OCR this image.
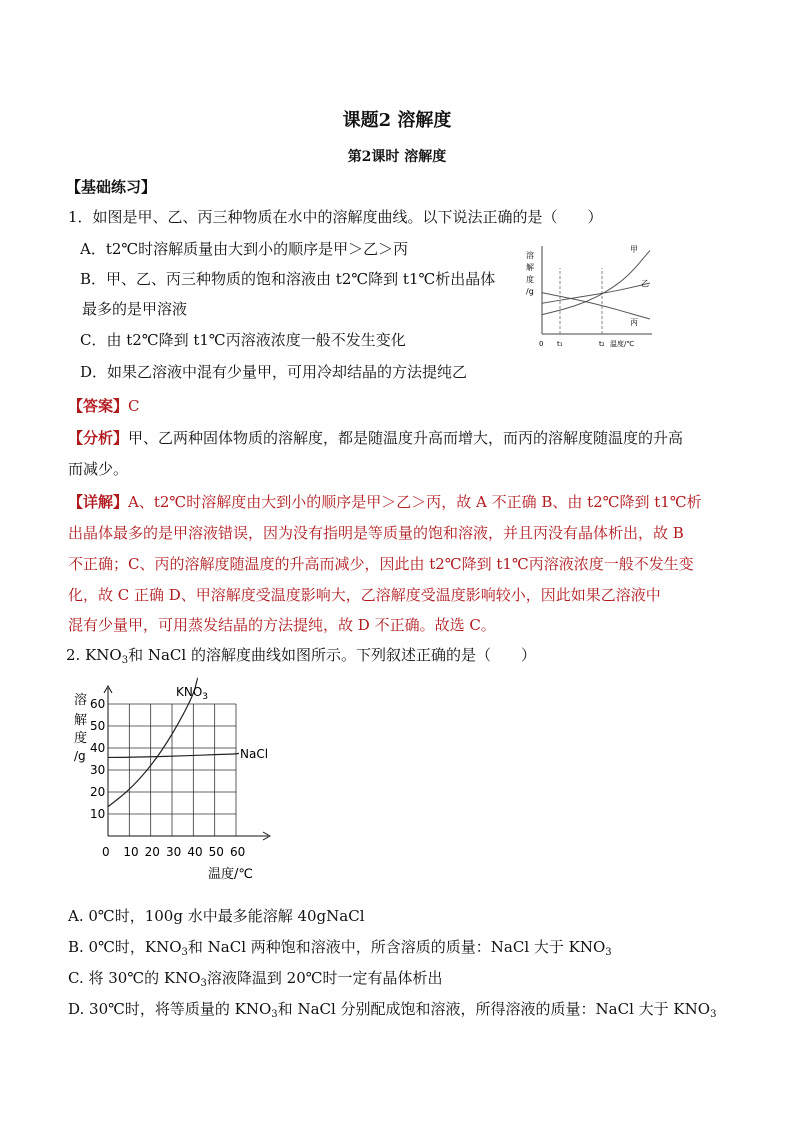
课题2 溶解度
第2课时 溶解度
【基础练习】
1．如图是甲、乙、丙三种物质在水中的溶解度曲线。以下说法正确的是（　　）
A．t2℃时溶解质量由大到小的顺序是甲＞乙＞丙
B．甲、乙、丙三种物质的饱和溶液由 t2℃降到 t1℃析出晶体
最多的是甲溶液
C．由 t2℃降到 t1℃丙溶液浓度一般不发生变化
D．如果乙溶液中混有少量甲，可用冷却结晶的方法提纯乙
溶
解
度
/g
0 t₁	t₂ 温度/℃
甲
乙
丙
【答案】C
【分析】甲、乙两种固体物质的溶解度，都是随温度升高而增大，而丙的溶解度随温度的升高
而减少。
【详解】A、t2℃时溶解度由大到小的顺序是甲＞乙＞丙，故 A 不正确 B、由 t2℃降到 t1℃析
出晶体最多的是甲溶液错误，因为没有指明是等质量的饱和溶液，并且丙没有晶体析出，故 B
不正确；C、丙的溶解度随温度的升高而减少，因此由 t2℃降到 t1℃丙溶液浓度一般不发生变
化，故 C 正确 D、甲溶解度受温度影响大，乙溶解度受温度影响较小，因此如果乙溶液中
混有少量甲，可用蒸发结晶的方法提纯，故 D 不正确。故选 C。
2. $KNO_3$和 NaCl 的溶解度曲线如图所示。下列叙述正确的是（　　）
溶
解
度
/g
0 10 20 30 40 50 60
10
20
30
40
50
60
$KNO_3$
NaCl
温度/℃
A. 0℃时，100g 水中最多能溶解 40gNaCl
B. 0℃时，$KNO_3$和 NaCl 两种饱和溶液中，所含溶质的质量：NaCl 大于 $KNO_3$
C. 将 30℃的 $KNO_3$溶液降温到 20℃时一定有晶体析出
D. 30℃时，将等质量的 $KNO_3$和 NaCl 分别配成饱和溶液，所得溶液的质量：NaCl 大于 $KNO_3$
